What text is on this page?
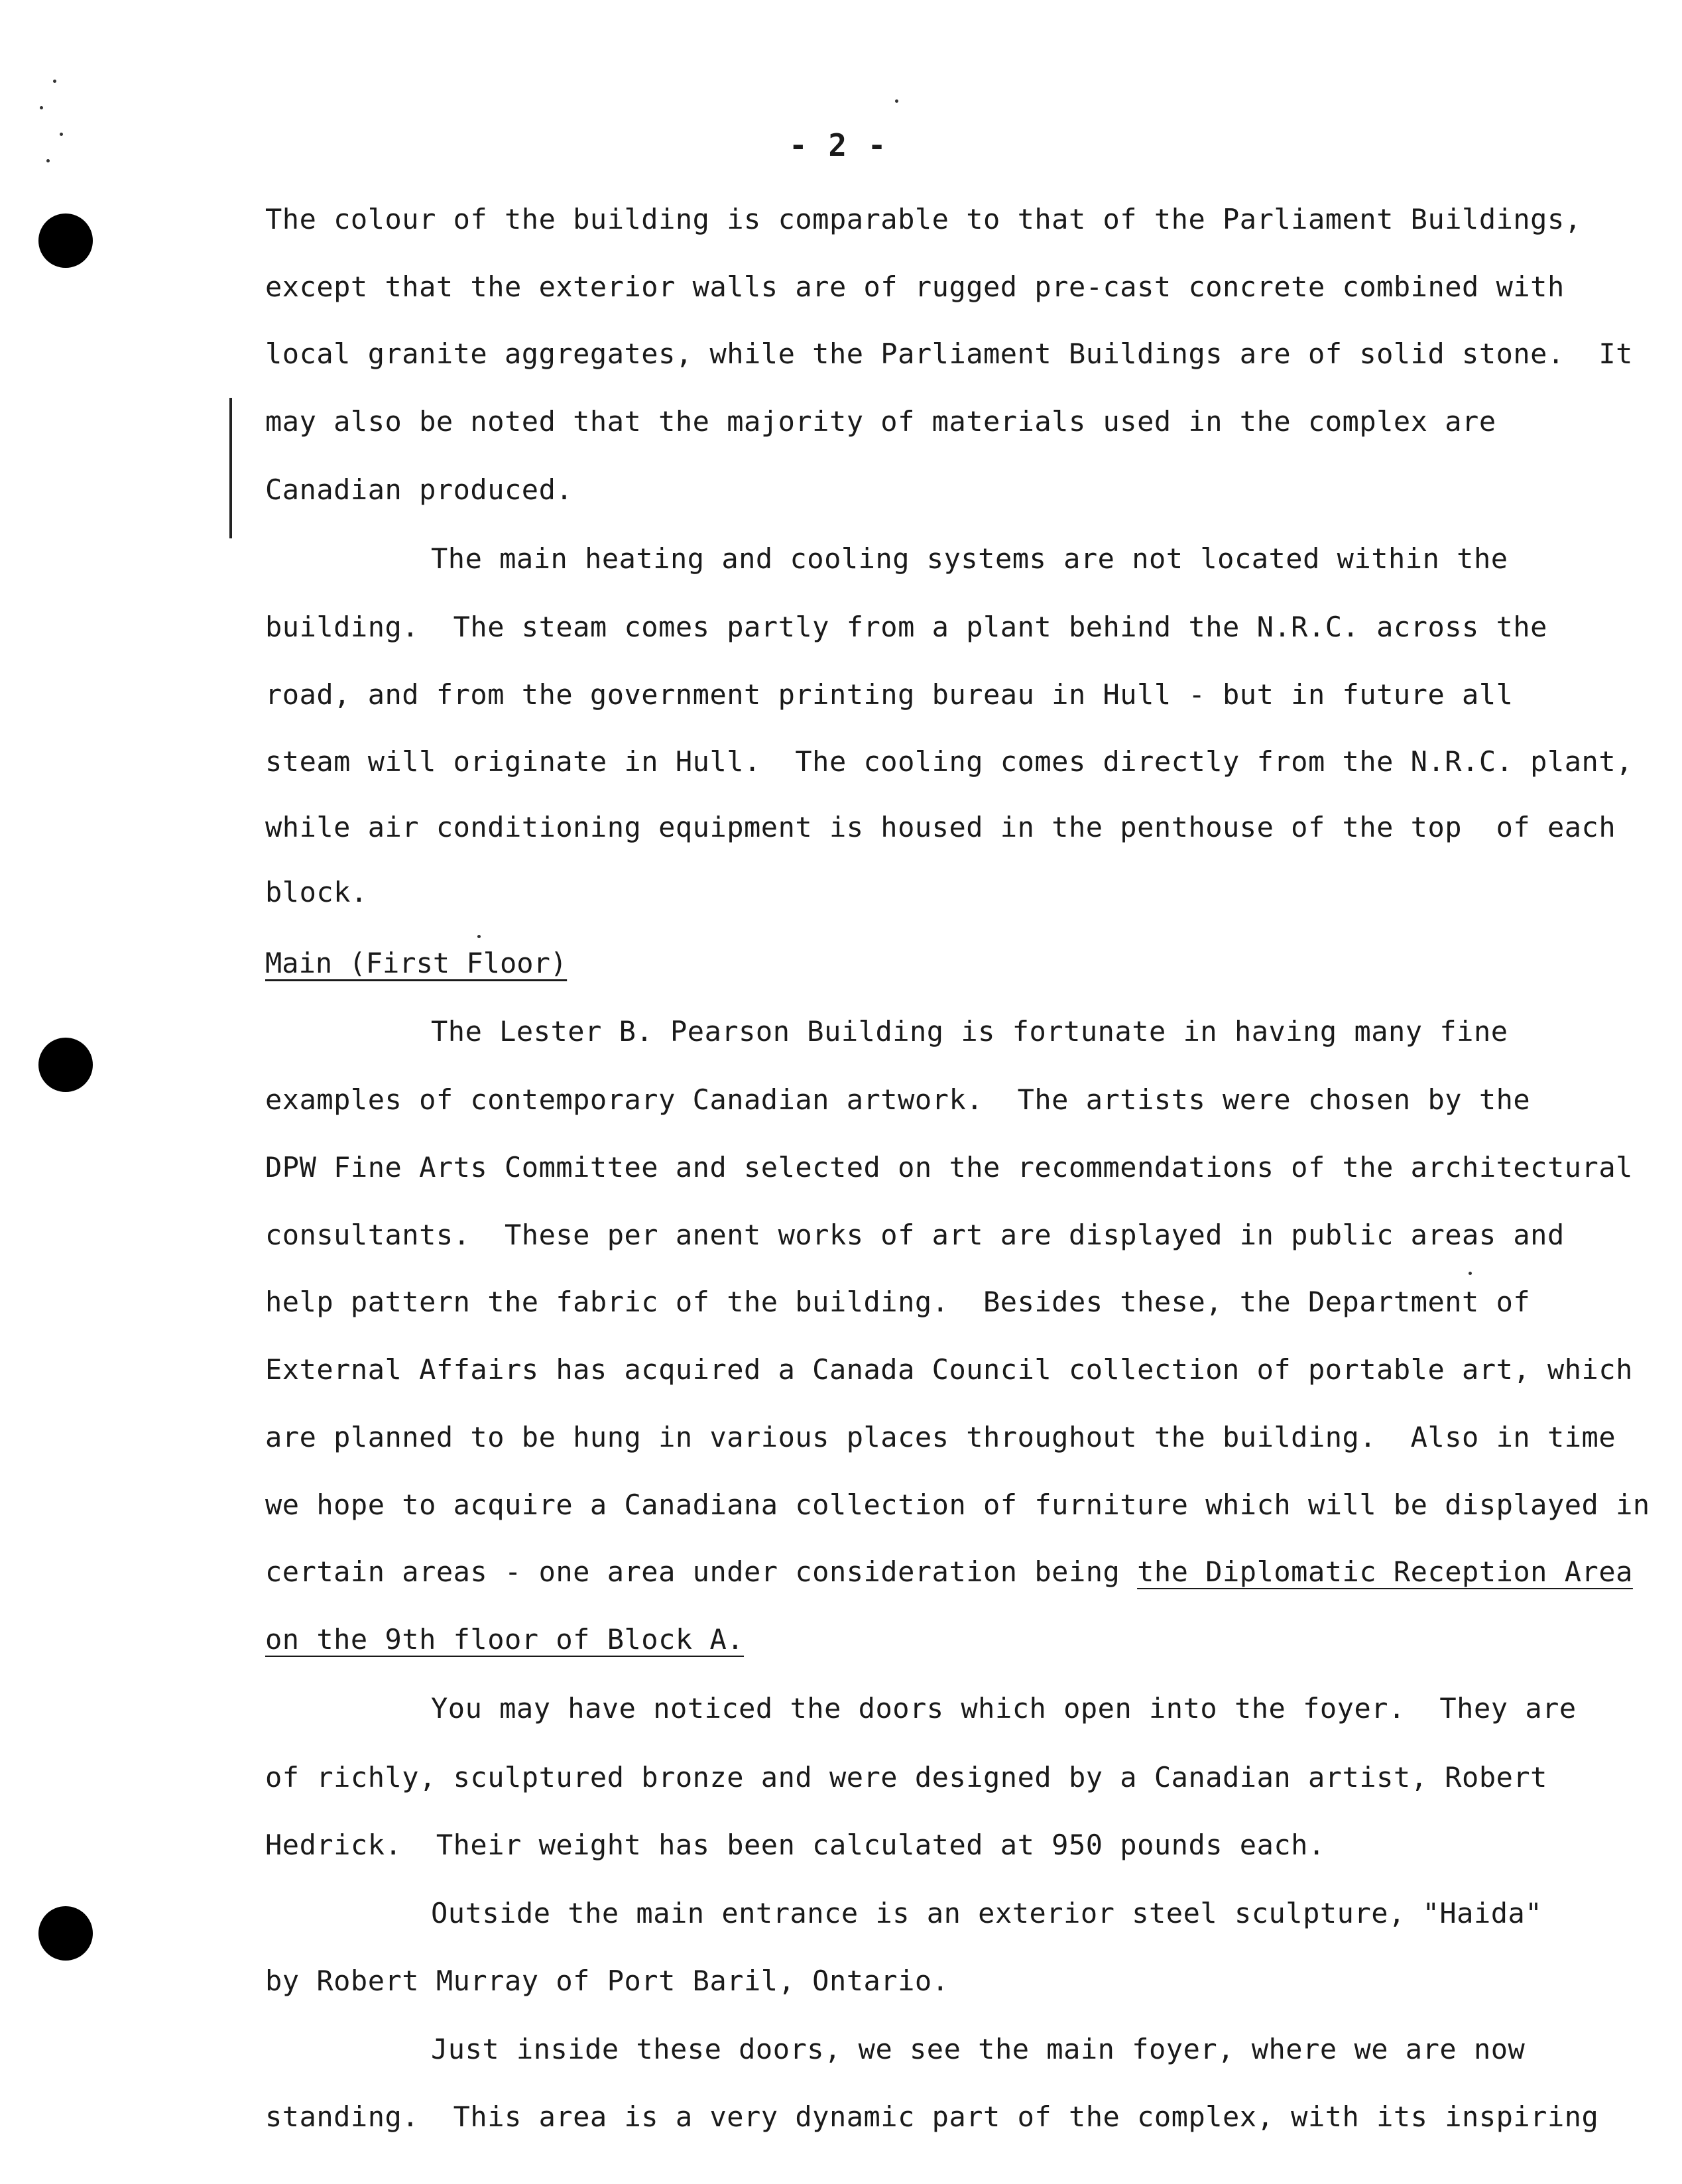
- 2 -
The colour of the building is comparable to that of the Parliament Buildings,
except that the exterior walls are of rugged pre-cast concrete combined with
local granite aggregates, while the Parliament Buildings are of solid stone.  It
may also be noted that the majority of materials used in the complex are
Canadian produced.
The main heating and cooling systems are not located within the
building.  The steam comes partly from a plant behind the N.R.C. across the
road, and from the government printing bureau in Hull - but in future all
steam will originate in Hull.  The cooling comes directly from the N.R.C. plant,
while air conditioning equipment is housed in the penthouse of the top  of each
block.
Main (First Floor)
The Lester B. Pearson Building is fortunate in having many fine
examples of contemporary Canadian artwork.  The artists were chosen by the
DPW Fine Arts Committee and selected on the recommendations of the architectural
consultants.  These per anent works of art are displayed in public areas and
help pattern the fabric of the building.  Besides these, the Department of
External Affairs has acquired a Canada Council collection of portable art, which
are planned to be hung in various places throughout the building.  Also in time
we hope to acquire a Canadiana collection of furniture which will be displayed in
certain areas - one area under consideration being the Diplomatic Reception Area
on the 9th floor of Block A.
You may have noticed the doors which open into the foyer.  They are
of richly, sculptured bronze and were designed by a Canadian artist, Robert
Hedrick.  Their weight has been calculated at 950 pounds each.
Outside the main entrance is an exterior steel sculpture, "Haida"
by Robert Murray of Port Baril, Ontario.
Just inside these doors, we see the main foyer, where we are now
standing.  This area is a very dynamic part of the complex, with its inspiring
